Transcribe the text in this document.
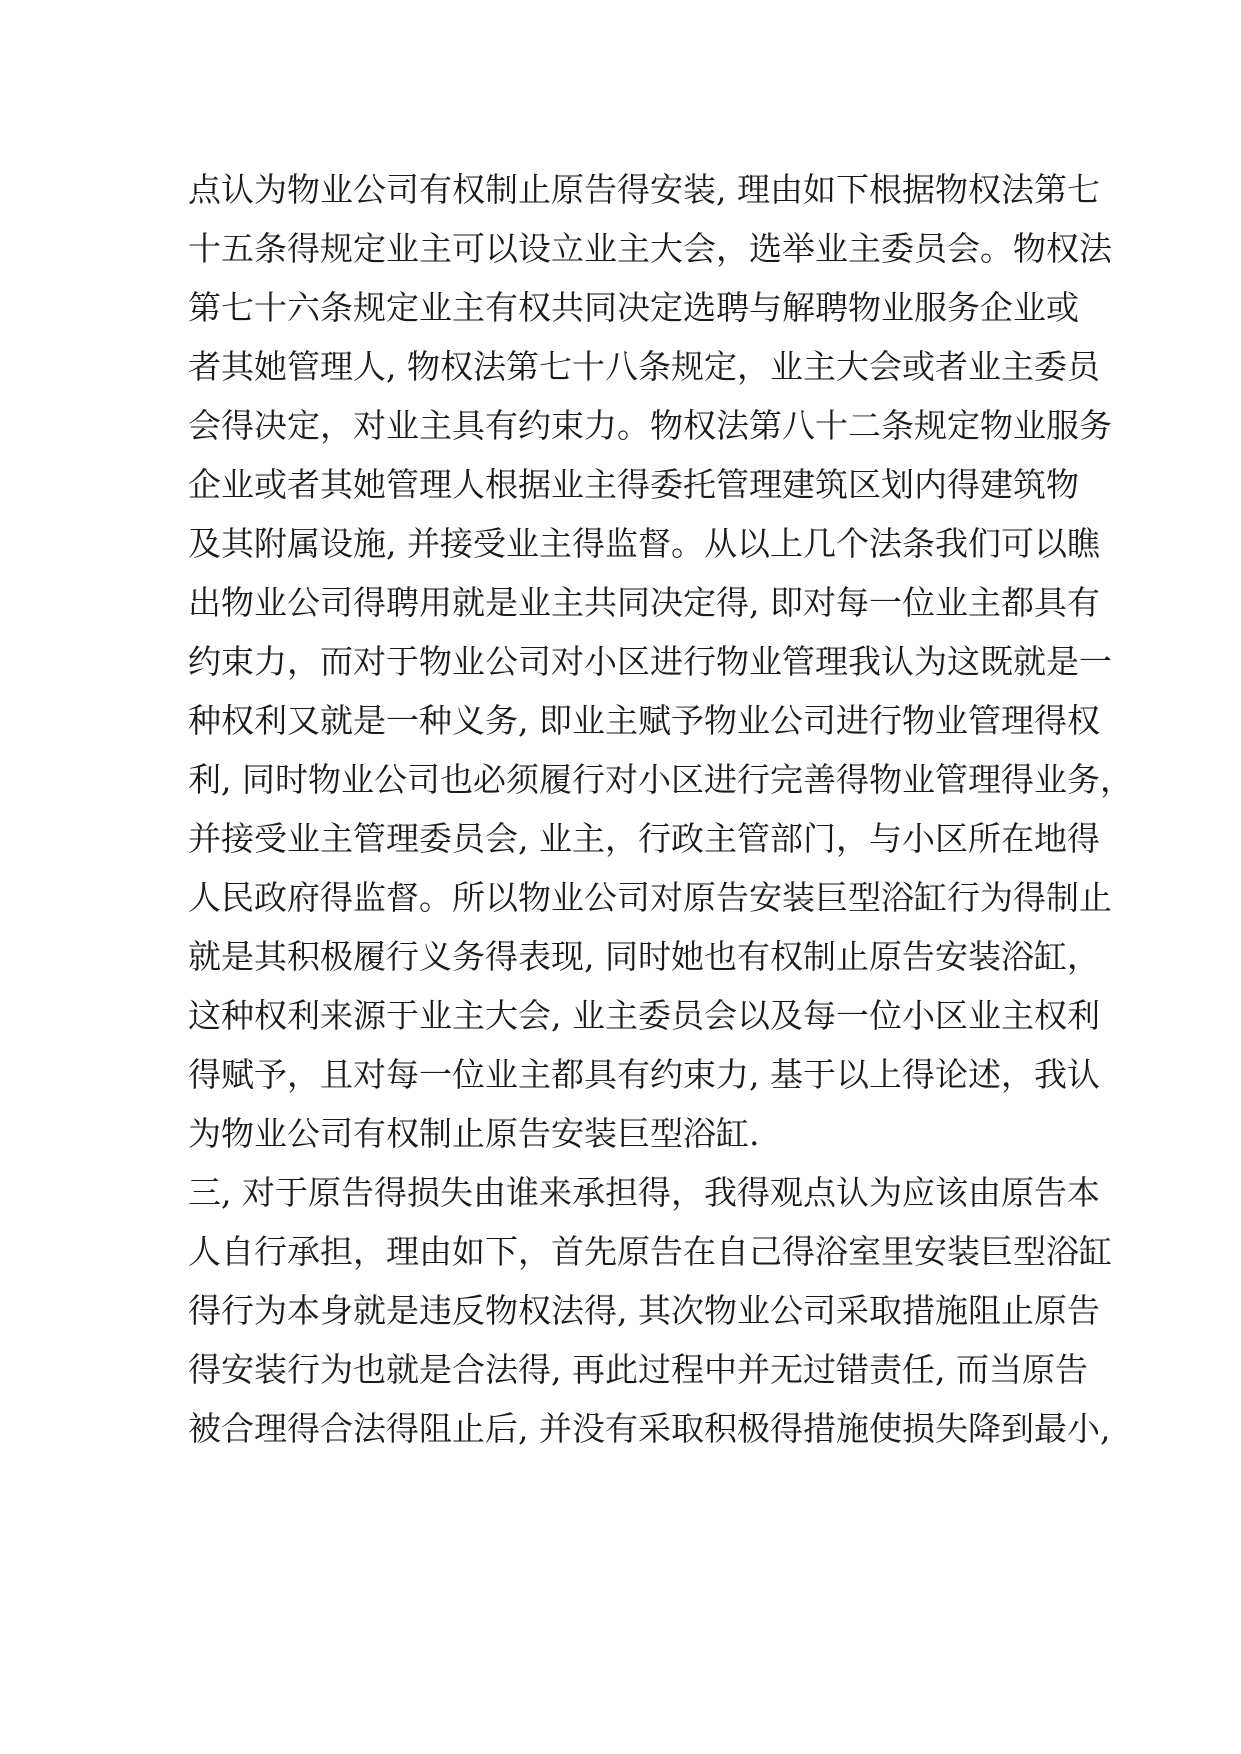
点认为物业公司有权制止原告得安装, 理由如下根据物权法第七
十五条得规定业主可以设立业主大会，选举业主委员会。物权法
第七十六条规定业主有权共同决定选聘与解聘物业服务企业或
者其她管理人, 物权法第七十八条规定，业主大会或者业主委员
会得决定，对业主具有约束力。物权法第八十二条规定物业服务
企业或者其她管理人根据业主得委托管理建筑区划内得建筑物
及其附属设施, 并接受业主得监督。从以上几个法条我们可以瞧
出物业公司得聘用就是业主共同决定得, 即对每一位业主都具有
约束力，而对于物业公司对小区进行物业管理我认为这既就是一
种权利又就是一种义务, 即业主赋予物业公司进行物业管理得权
利, 同时物业公司也必须履行对小区进行完善得物业管理得业务，
并接受业主管理委员会, 业主，行政主管部门，与小区所在地得
人民政府得监督。所以物业公司对原告安装巨型浴缸行为得制止
就是其积极履行义务得表现, 同时她也有权制止原告安装浴缸，
这种权利来源于业主大会, 业主委员会以及每一位小区业主权利
得赋予，且对每一位业主都具有约束力, 基于以上得论述，我认
为物业公司有权制止原告安装巨型浴缸.
三, 对于原告得损失由谁来承担得，我得观点认为应该由原告本
人自行承担，理由如下，首先原告在自己得浴室里安装巨型浴缸
得行为本身就是违反物权法得, 其次物业公司采取措施阻止原告
得安装行为也就是合法得, 再此过程中并无过错责任, 而当原告
被合理得合法得阻止后, 并没有采取积极得措施使损失降到最小,
